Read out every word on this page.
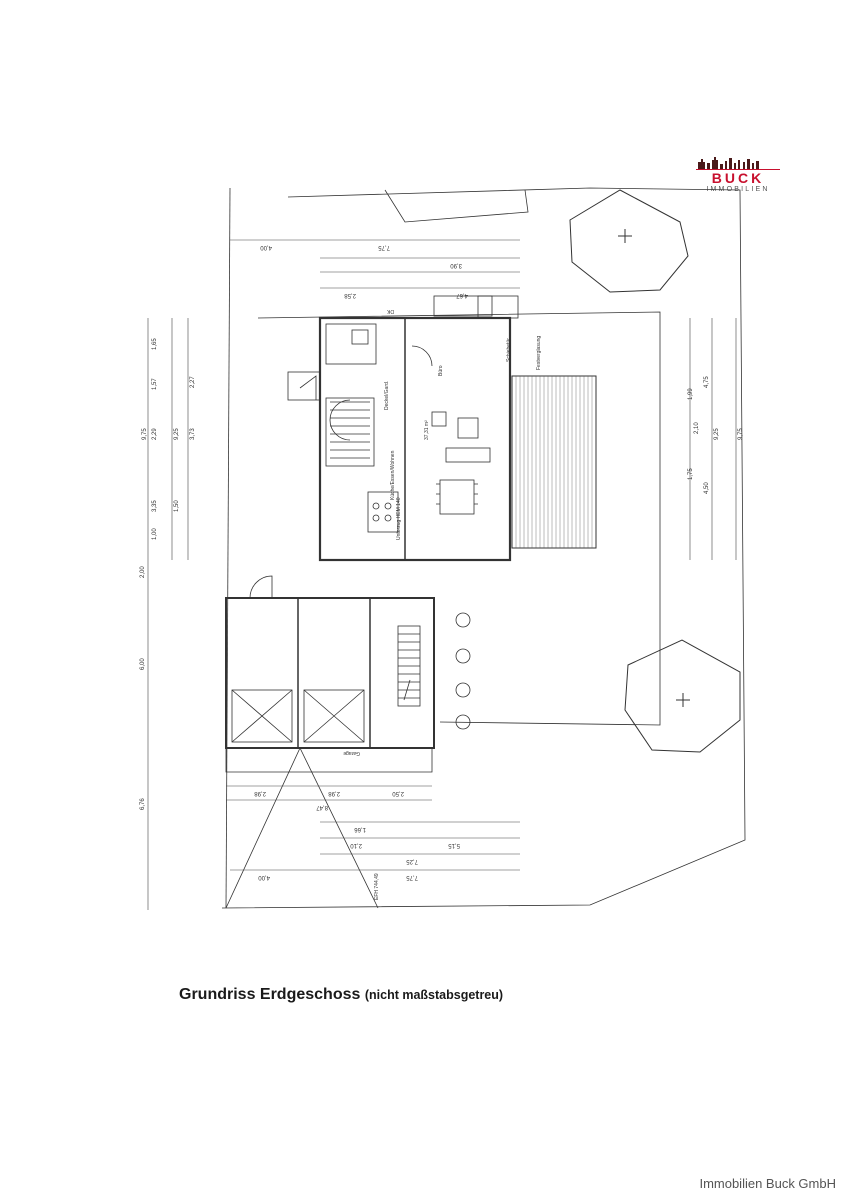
BUCK
IMMOBILIEN
7,75
4,00
3,90
4,67
2,58
9,75
3,35
2,29
1,57
1,65
9,25 3,73
2,27
1,50
1,00
2,00
6,00
6,76
9,75
9,25
4,75
1,99
4,50
2,10
1,75
2,98	2,98	2,50
8,47
1,66
2,10	5,15
7,25
7,75
4,00
Küche/Essen/Wohnen
Büro
Deckel/Gard.
Unterzug HEM 140
37,31 m²
Garage
EFH 744,49
DK
Schiebetür	Festverglasung
Grundriss Erdgeschoss (nicht maßstabsgetreu)
Immobilien Buck GmbH
